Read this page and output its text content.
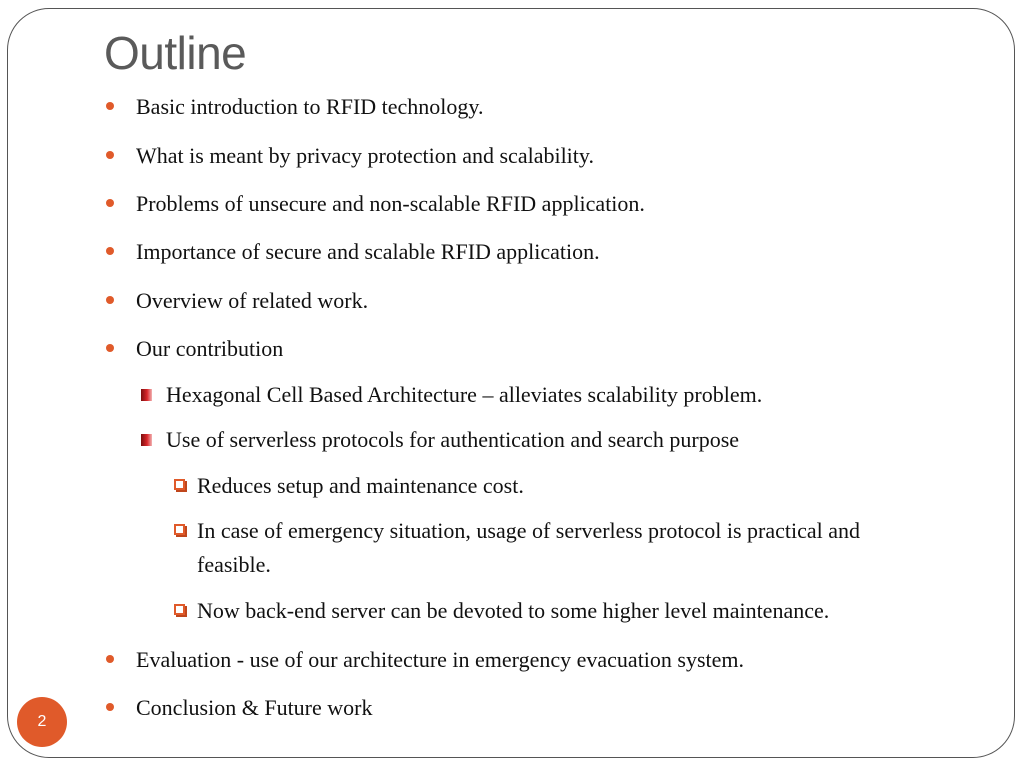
Outline
Basic introduction to RFID technology.
What is meant by privacy protection and scalability.
Problems of unsecure and non-scalable RFID application.
Importance of secure and scalable RFID application.
Overview of related work.
Our contribution
Hexagonal Cell Based Architecture – alleviates scalability problem.
Use of serverless protocols for authentication and search purpose
Reduces setup and maintenance cost.
In case of emergency situation, usage of serverless protocol is practical and
feasible.
Now back-end server can be devoted to some higher level maintenance.
Evaluation - use of our architecture in emergency evacuation system.
Conclusion & Future work
2
